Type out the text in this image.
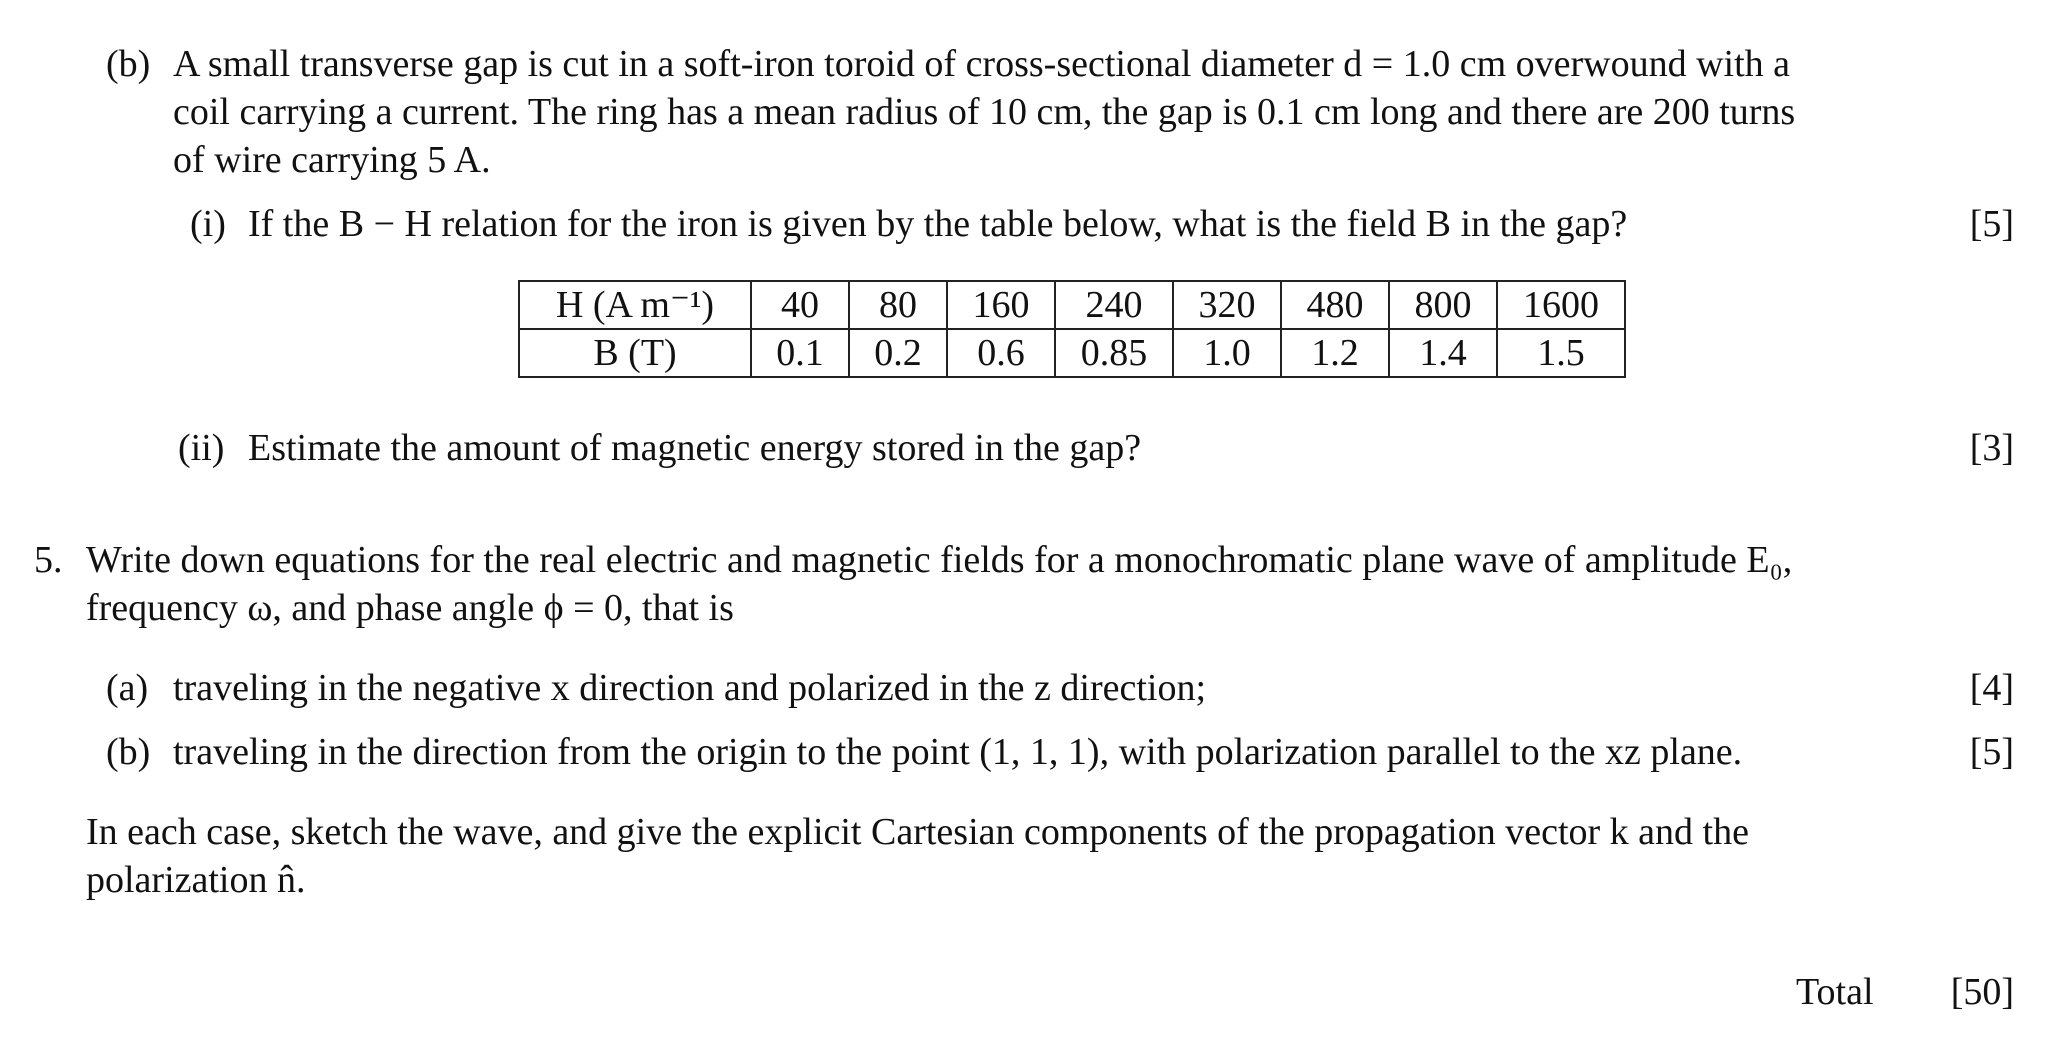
(b) A small transverse gap is cut in a soft-iron toroid of cross-sectional diameter d = 1.0 cm overwound with a
coil carrying a current. The ring has a mean radius of 10 cm, the gap is 0.1 cm long and there are 200 turns
of wire carrying 5 A.
(i) If the B − H relation for the iron is given by the table below, what is the field B in the gap?	[5]
H (A m⁻¹)	40	80	160	240	320	480	800	1600
B (T)	0.1	0.2	0.6	0.85	1.0	1.2	1.4	1.5
(ii) Estimate the amount of magnetic energy stored in the gap?	[3]
5. Write down equations for the real electric and magnetic fields for a monochromatic plane wave of amplitude E₀,
frequency ω, and phase angle ϕ = 0, that is
(a) traveling in the negative x direction and polarized in the z direction;	[4]
(b) traveling in the direction from the origin to the point (1, 1, 1), with polarization parallel to the xz plane.	[5]
In each case, sketch the wave, and give the explicit Cartesian components of the propagation vector k and the
polarization n̂.
Total [50]
